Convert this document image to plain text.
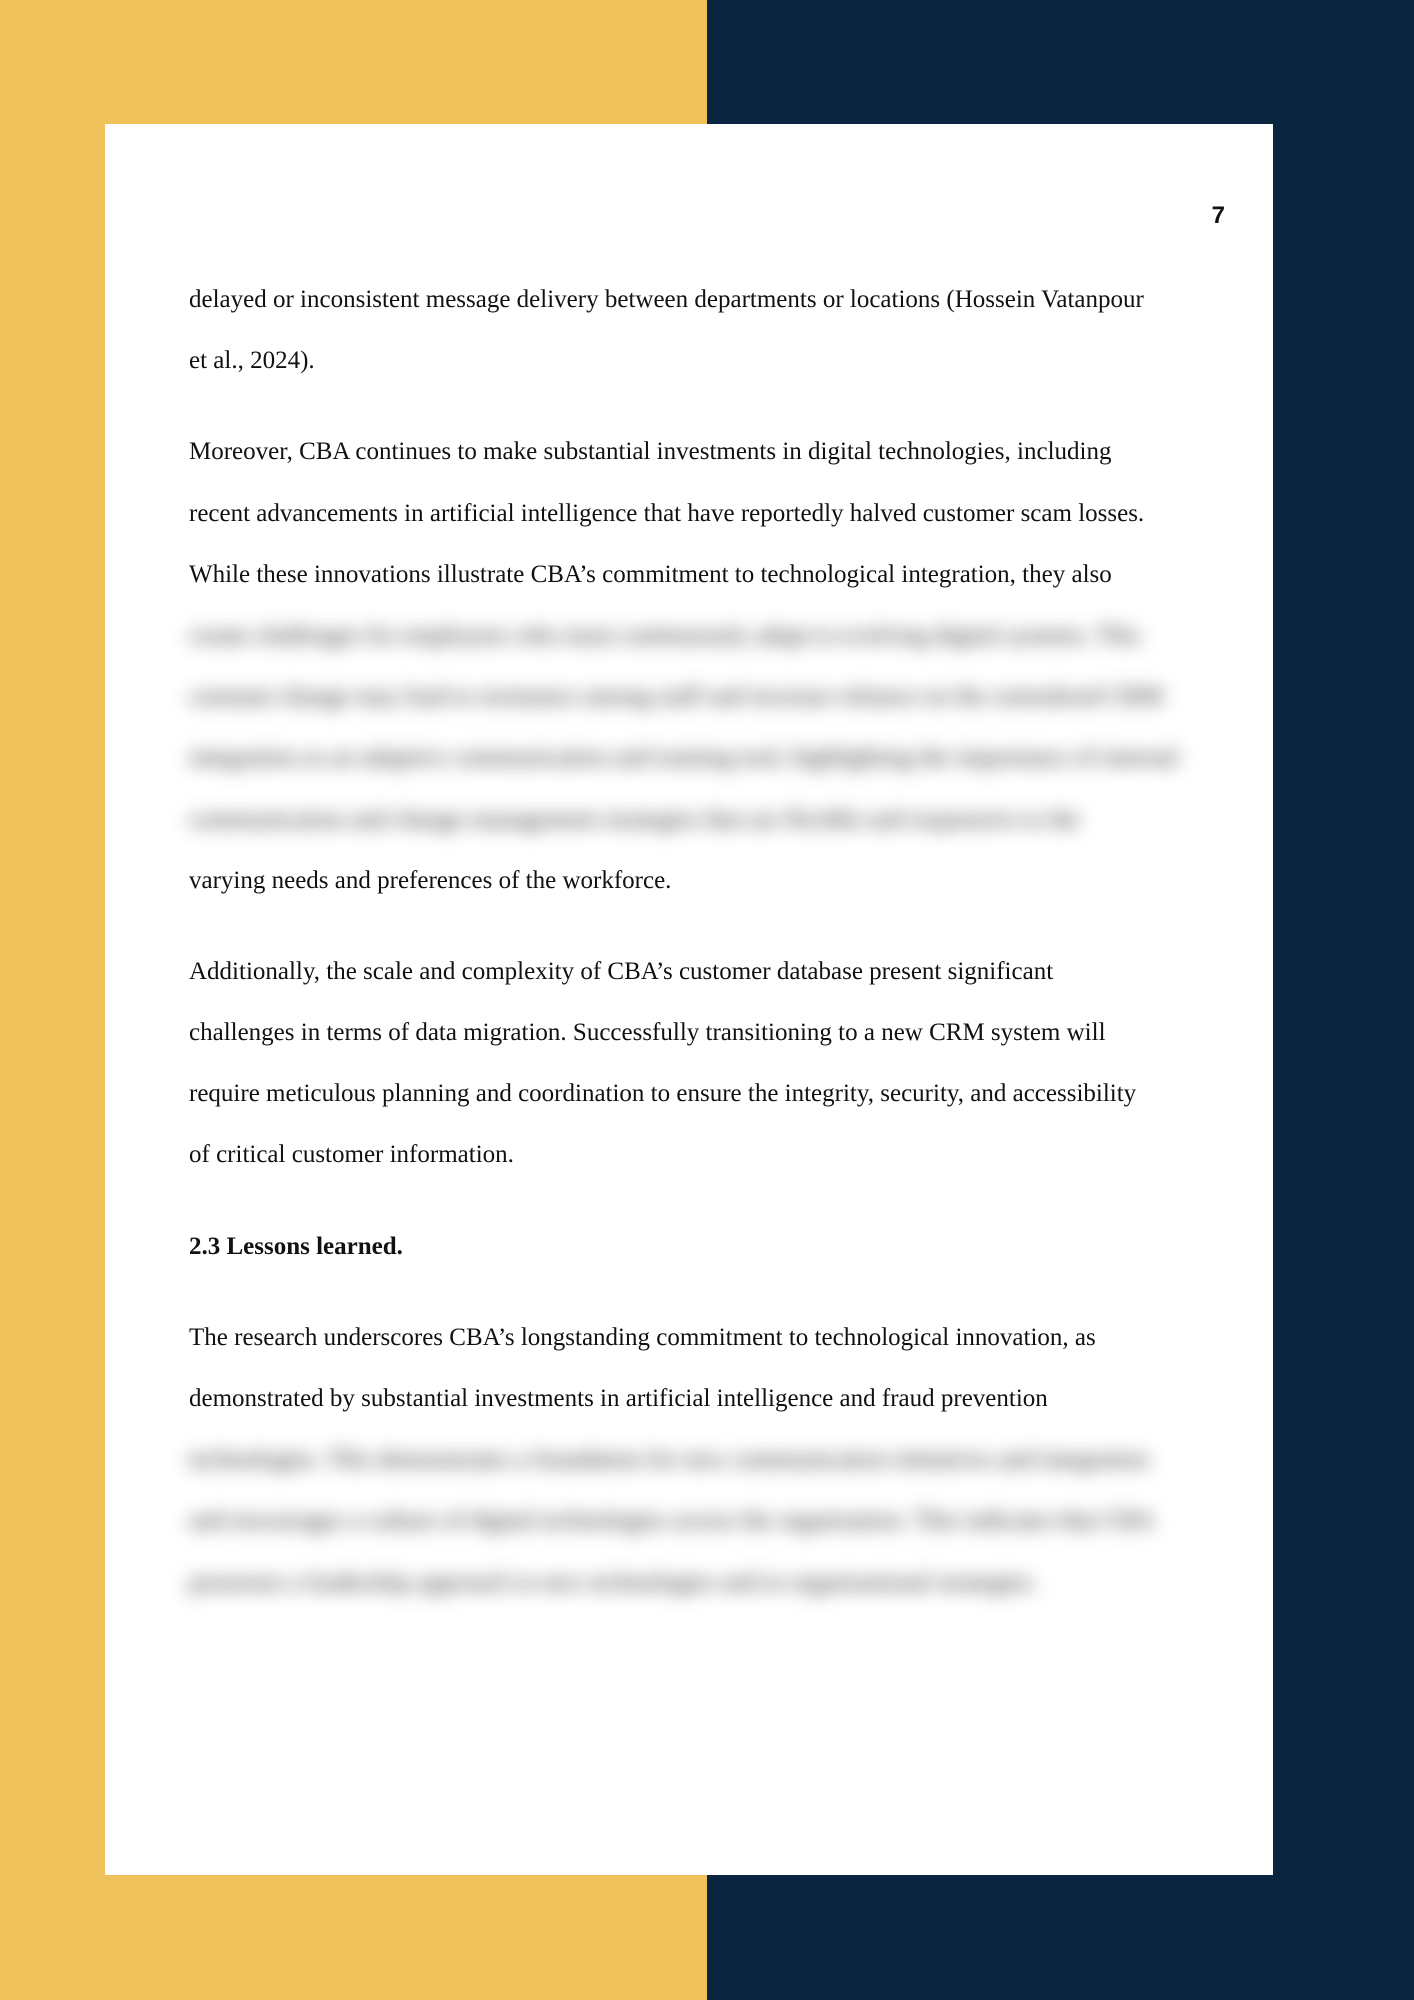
7
delayed or inconsistent message delivery between departments or locations (Hossein Vatanpour
et al., 2024).
Moreover, CBA continues to make substantial investments in digital technologies, including
recent advancements in artificial intelligence that have reportedly halved customer scam losses.
While these innovations illustrate CBA’s commitment to technological integration, they also
create challenges for employees who must continuously adapt to evolving digital systems. This
constant change may lead to resistance among staff and increase reliance on the centralized CRM
integration as an adaptive communication and training tool, highlighting the importance of internal
communication and change management strategies that are flexible and responsive to the
varying needs and preferences of the workforce.
Additionally, the scale and complexity of CBA’s customer database present significant
challenges in terms of data migration. Successfully transitioning to a new CRM system will
require meticulous planning and coordination to ensure the integrity, security, and accessibility
of critical customer information.
2.3 Lessons learned.
The research underscores CBA’s longstanding commitment to technological innovation, as
demonstrated by substantial investments in artificial intelligence and fraud prevention
technologies. This demonstrates a foundation for new communication initiatives and integration
and encourages a culture of digital technologies across the organisation. This indicates that CBA
possesses a leadership approach to new technologies and to organisational strategies.
